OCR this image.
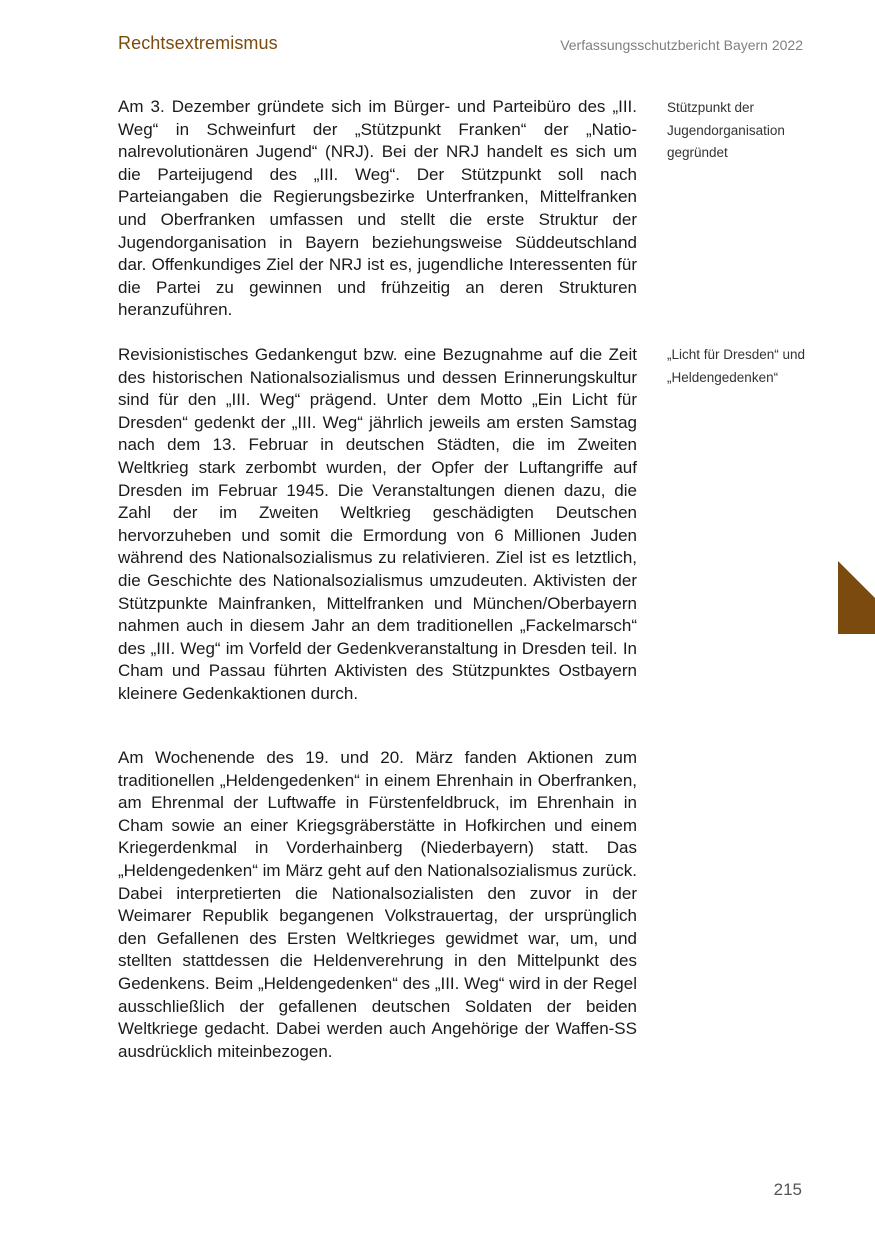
Rechtsextremismus	Verfassungsschutzbericht Bayern 2022

Am 3. Dezember gründete sich im Bürger- und Parteibüro des „III. Weg“ in Schweinfurt der „Stützpunkt Franken“ der „Nationalrevolutionären Jugend“ (NRJ). Bei der NRJ handelt es sich um die Parteijugend des „III. Weg“. Der Stützpunkt soll nach Parteiangaben die Regierungsbezirke Unterfranken, Mittelfranken und Oberfranken umfassen und stellt die erste Struktur der Jugendorganisation in Bayern beziehungsweise Süddeutschland dar. Offenkundiges Ziel der NRJ ist es, jugendliche Interessenten für die Partei zu gewinnen und frühzeitig an deren Strukturen heranzuführen.

Revisionistisches Gedankengut bzw. eine Bezugnahme auf die Zeit des historischen Nationalsozialismus und dessen Erinnerungskultur sind für den „III. Weg“ prägend. Unter dem Motto „Ein Licht für Dresden“ gedenkt der „III. Weg“ jährlich jeweils am ersten Samstag nach dem 13. Februar in deutschen Städten, die im Zweiten Weltkrieg stark zerbombt wurden, der Opfer der Luftangriffe auf Dresden im Februar 1945. Die Veranstaltungen dienen dazu, die Zahl der im Zweiten Weltkrieg geschädigten Deutschen hervorzuheben und somit die Ermordung von 6 Millionen Juden während des Nationalsozialismus zu relativieren. Ziel ist es letztlich, die Geschichte des Nationalsozialismus umzudeuten. Aktivisten der Stützpunkte Mainfranken, Mittelfranken und München/Oberbayern nahmen auch in diesem Jahr an dem traditionellen „Fackelmarsch“ des „III. Weg“ im Vorfeld der Gedenkveranstaltung in Dresden teil. In Cham und Passau führten Aktivisten des Stützpunktes Ostbayern kleinere Gedenkaktionen durch.

Am Wochenende des 19. und 20. März fanden Aktionen zum traditionellen „Heldengedenken“ in einem Ehrenhain in Oberfranken, am Ehrenmal der Luftwaffe in Fürstenfeldbruck, im Ehrenhain in Cham sowie an einer Kriegsgräberstätte in Hofkirchen und einem Kriegerdenkmal in Vorderhainberg (Niederbayern) statt. Das „Heldengedenken“ im März geht auf den Nationalsozialismus zurück. Dabei interpretierten die Nationalsozialisten den zuvor in der Weimarer Republik begangenen Volkstrauertag, der ursprünglich den Gefallenen des Ersten Weltkrieges gewidmet war, um, und stellten stattdessen die Heldenverehrung in den Mittelpunkt des Gedenkens. Beim „Heldengedenken“ des „III. Weg“ wird in der Regel ausschließlich der gefallenen deutschen Soldaten der beiden Weltkriege gedacht. Dabei werden auch Angehörige der Waffen-SS ausdrücklich miteinbezogen.

Stützpunkt der Jugendorganisation gegründet

„Licht für Dresden“ und „Heldengedenken“

215
